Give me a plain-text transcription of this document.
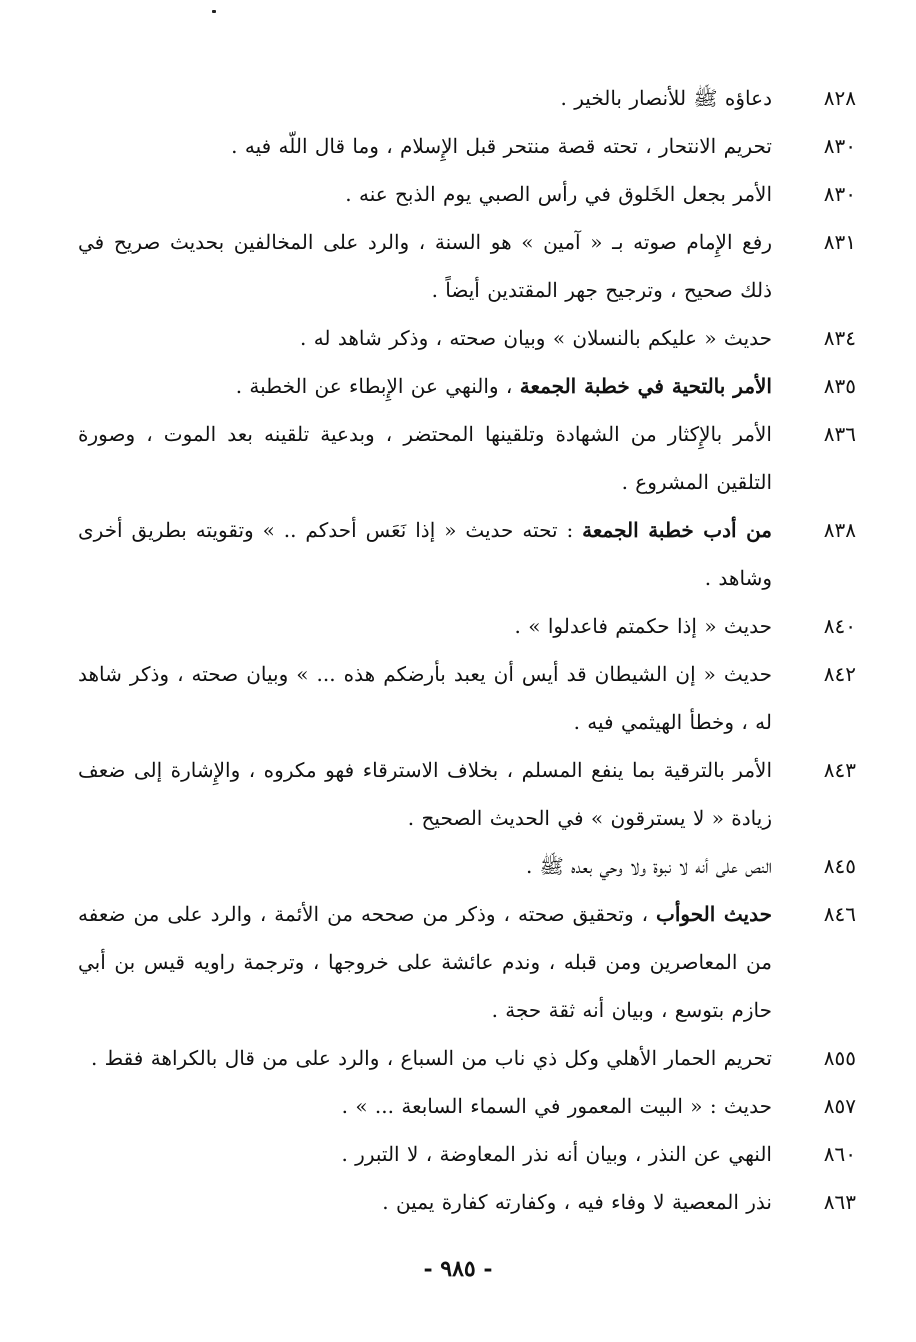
٨٢٨
دعاؤه ﷺ للأنصار بالخير .
٨٣٠
تحريم الانتحار ، تحته قصة منتحر قبل الإِسلام ، وما قال اللّه فيه .
٨٣٠
الأمر بجعل الخَلوق في رأس الصبي يوم الذبح عنه .
٨٣١
رفع الإِمام صوته بـ « آمين » هو السنة ، والرد على المخالفين بحديث صريح في ذلك صحيح ، وترجيح جهر المقتدين أيضاً .
٨٣٤
حديث « عليكم بالنسلان » وبيان صحته ، وذكر شاهد له .
٨٣٥
الأمر بالتحية في خطبة الجمعة ، والنهي عن الإِبطاء عن الخطبة .
٨٣٦
الأمر بالإِكثار من الشهادة وتلقينها المحتضر ، وبدعية تلقينه بعد الموت ، وصورة التلقين المشروع .
٨٣٨
من أدب خطبة الجمعة : تحته حديث « إذا نَعَس أحدكم .. » وتقويته بطريق أخرى وشاهد .
٨٤٠
حديث « إذا حكمتم فاعدلوا » .
٨٤٢
حديث « إن الشيطان قد أيس أن يعبد بأرضكم هذه ... » وبيان صحته ، وذكر شاهد له ، وخطأ الهيثمي فيه .
٨٤٣
الأمر بالترقية بما ينفع المسلم ، بخلاف الاسترقاء فهو مكروه ، والإِشارة إلى ضعف زيادة « لا يسترقون » في الحديث الصحيح .
٨٤٥
النص على أنه لا نبوة ولا وحي بعده ﷺ .
٨٤٦
حديث الحوأب ، وتحقيق صحته ، وذكر من صححه من الأئمة ، والرد على من ضعفه من المعاصرين ومن قبله ، وندم عائشة على خروجها ، وترجمة راويه قيس بن أبي حازم بتوسع ، وبيان أنه ثقة حجة .
٨٥٥
تحريم الحمار الأهلي وكل ذي ناب من السباع ، والرد على من قال بالكراهة فقط .
٨٥٧
حديث : « البيت المعمور في السماء السابعة ... » .
٨٦٠
النهي عن النذر ، وبيان أنه نذر المعاوضة ، لا التبرر .
٨٦٣
نذر المعصية لا وفاء فيه ، وكفارته كفارة يمين .
- ٩٨٥ -
